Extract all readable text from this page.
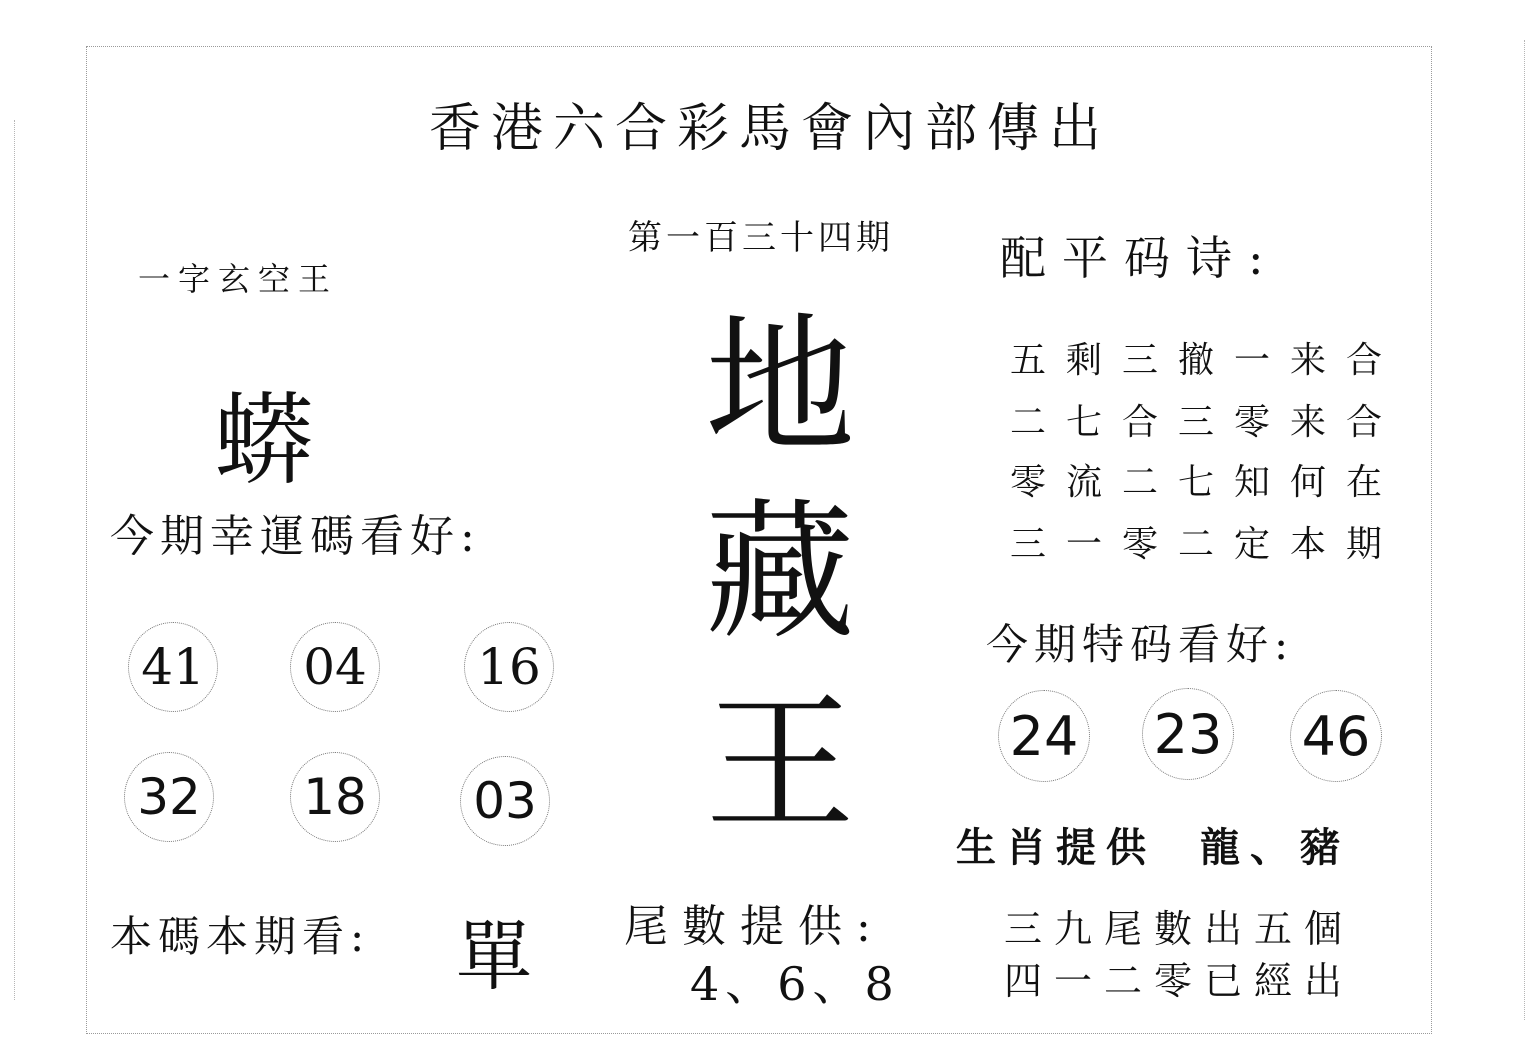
香港六合彩馬會內部傳出
一字玄空王
蟒
今期幸運碼看好:
41 04 16
32 18 03
本碼本期看: 單
第一百三十四期
地
藏
王
尾數提供:
4、6、8
配平码诗:
五剩三撤一来合
二七合三零来合
零流二七知何在
三一零二定本期
今期特码看好:
24 23 46
生肖提供 龍、豬
三九尾數出五個
四一二零已經出
